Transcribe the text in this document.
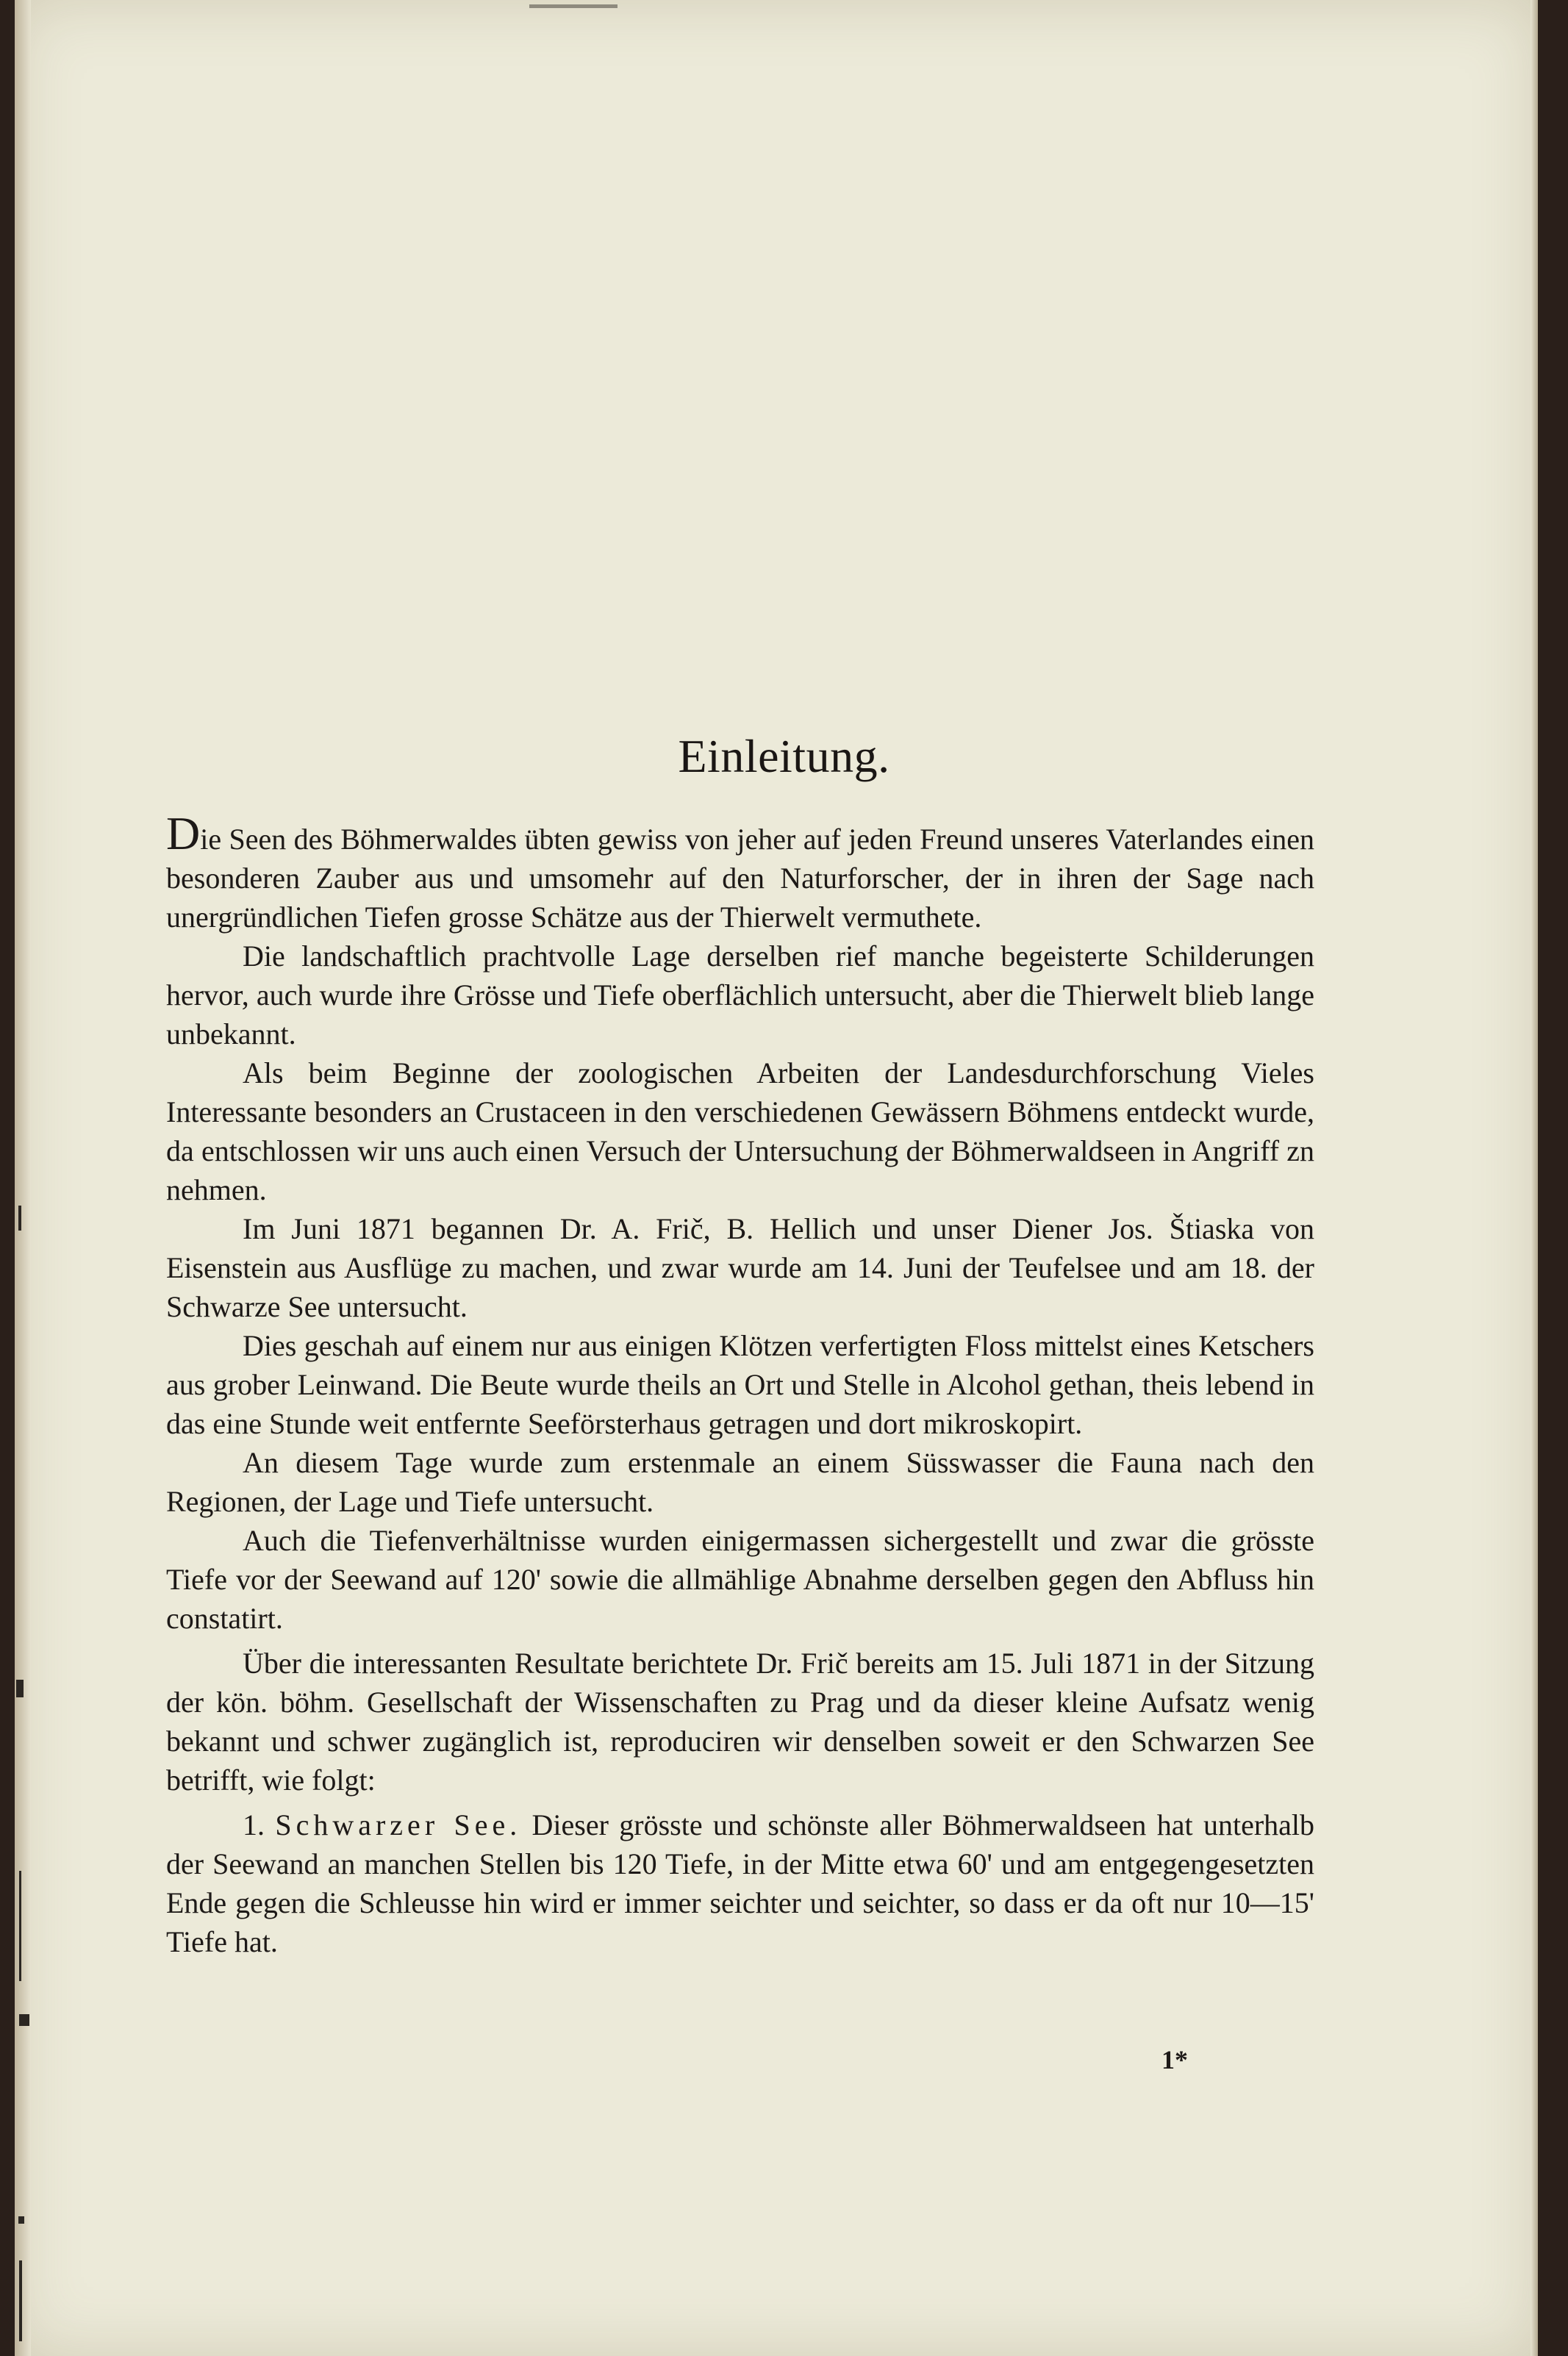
Einleitung.

Die Seen des Böhmerwaldes übten gewiss von jeher auf jeden Freund unseres Vaterlandes einen besonderen Zauber aus und umsomehr auf den Naturforscher, der in ihren der Sage nach unergründlichen Tiefen grosse Schätze aus der Thierwelt vermuthete.

Die landschaftlich prachtvolle Lage derselben rief manche begeisterte Schilderungen hervor, auch wurde ihre Grösse und Tiefe oberflächlich untersucht, aber die Thierwelt blieb lange unbekannt.

Als beim Beginne der zoologischen Arbeiten der Landesdurchforschung Vieles Interessante besonders an Crustaceen in den verschiedenen Gewässern Böhmens entdeckt wurde, da entschlossen wir uns auch einen Versuch der Untersuchung der Böhmerwaldseen in Angriff zn nehmen.

Im Juni 1871 begannen Dr. A. Frič, B. Hellich und unser Diener Jos. Štiaska von Eisenstein aus Ausflüge zu machen, und zwar wurde am 14. Juni der Teufelsee und am 18. der Schwarze See untersucht.

Dies geschah auf einem nur aus einigen Klötzen verfertigten Floss mittelst eines Ketschers aus grober Leinwand. Die Beute wurde theils an Ort und Stelle in Alcohol gethan, theis lebend in das eine Stunde weit entfernte Seeförsterhaus getragen und dort mikroskopirt.

An diesem Tage wurde zum erstenmale an einem Süsswasser die Fauna nach den Regionen, der Lage und Tiefe untersucht.

Auch die Tiefenverhältnisse wurden einigermassen sichergestellt und zwar die grösste Tiefe vor der Seewand auf 120' sowie die allmählige Abnahme derselben gegen den Abfluss hin constatirt.

Über die interessanten Resultate berichtete Dr. Frič bereits am 15. Juli 1871 in der Sitzung der kön. böhm. Gesellschaft der Wissenschaften zu Prag und da dieser kleine Aufsatz wenig bekannt und schwer zugänglich ist, reproduciren wir denselben soweit er den Schwarzen See betrifft, wie folgt:

1. Schwarzer See. Dieser grösste und schönste aller Böhmerwaldseen hat unterhalb der Seewand an manchen Stellen bis 120 Tiefe, in der Mitte etwa 60' und am entgegengesetzten Ende gegen die Schleusse hin wird er immer seichter und seichter, so dass er da oft nur 10—15' Tiefe hat.

1*
